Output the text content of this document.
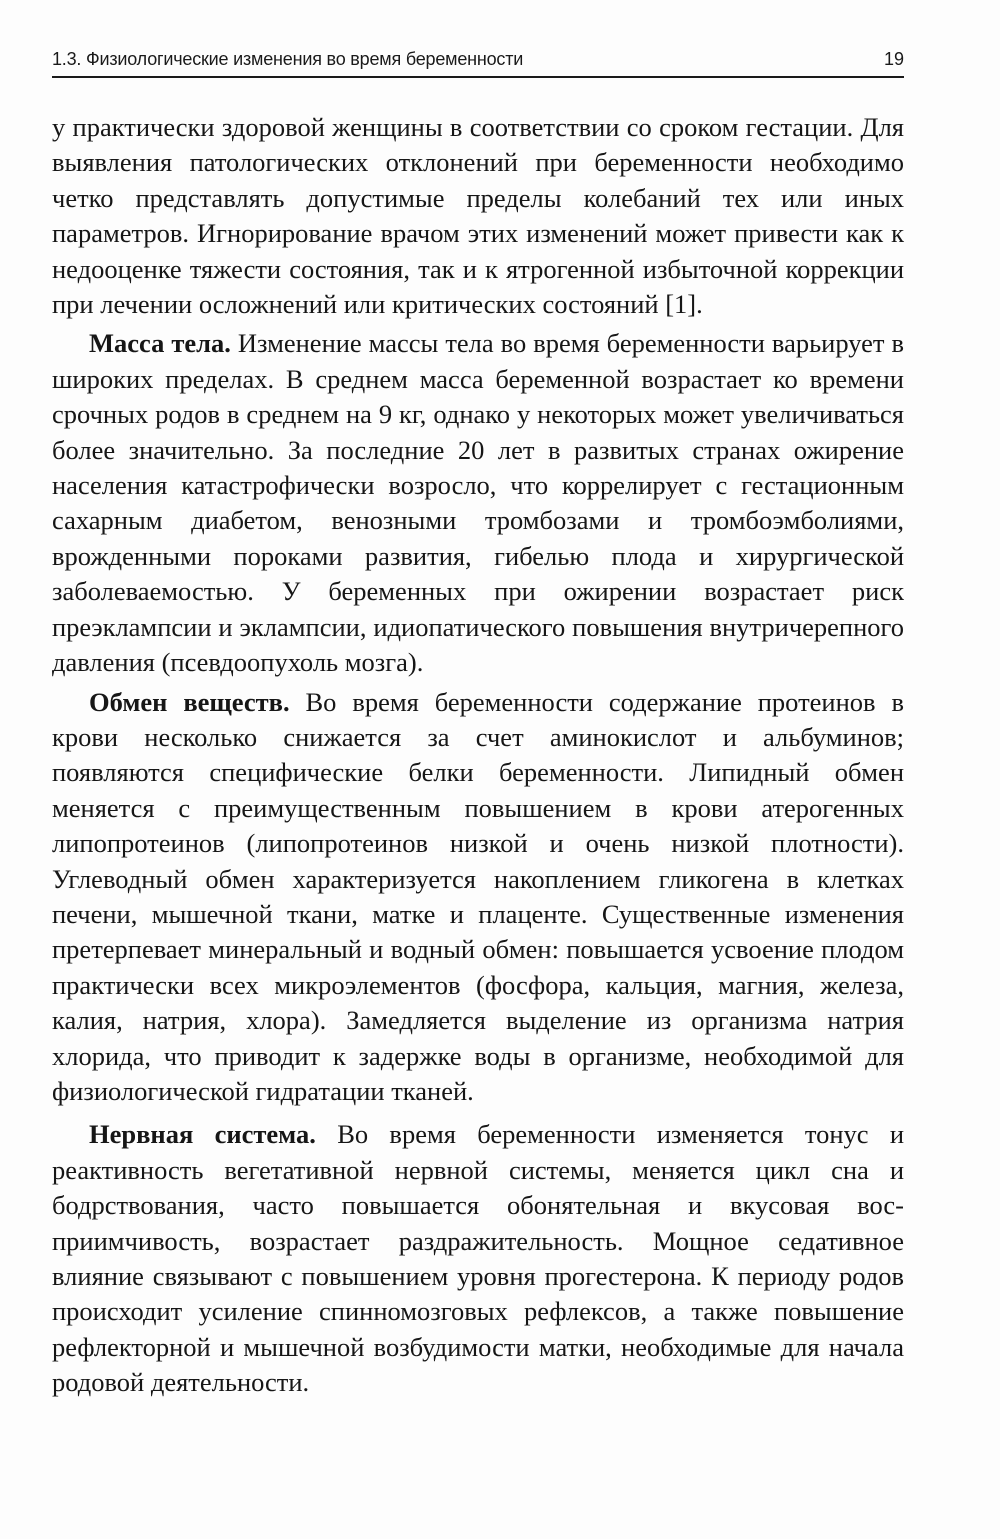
1.3. Физиологические изменения во время беременности	19

у практически здоровой женщины в соответствии со сроком гестации. Для выявления патологических отклонений при беременности необходимо четко представлять допустимые пределы колебаний тех или иных параметров. Игнорирование врачом этих изменений может привести как к недооценке тяжести состояния, так и к ятрогенной избыточной коррекции при лечении осложнений или критических состояний [1].

Масса тела. Изменение массы тела во время беременности варьирует в широких пределах. В среднем масса беременной возрастает ко времени срочных родов в среднем на 9 кг, однако у некоторых может увеличиваться более значительно. За последние 20 лет в развитых странах ожирение населения катастрофически возросло, что коррелирует с гестационным сахарным диабетом, венозными тромбозами и тромбоэмболиями, врожденными пороками развития, гибелью плода и хирургической заболеваемостью. У беременных при ожирении возрастает риск преэклампсии и эклампсии, идиопатического повышения внутричерепного давления (псевдоопухоль мозга).

Обмен веществ. Во время беременности содержание протеинов в крови несколько снижается за счет аминокислот и альбуминов; появляются специфические белки беременности. Липидный обмен меняется с преимущественным повышением в крови атерогенных липопротеинов (липопротеинов низкой и очень низкой плотности). Углеводный обмен характеризуется накоплением гликогена в клетках печени, мышечной ткани, матке и плаценте. Существенные изменения претерпевает минеральный и водный обмен: повышается усвоение плодом практически всех микроэлементов (фосфора, кальция, магния, железа, калия, натрия, хлора). Замедляется выделение из организма натрия хлорида, что приводит к задержке воды в организме, необходимой для физиологической гидратации тканей.

Нервная система. Во время беременности изменяется тонус и реактивность вегетативной нервной системы, меняется цикл сна и бодрствования, часто повышается обонятельная и вкусовая восприимчивость, возрастает раздражительность. Мощное седативное влияние связывают с повышением уровня прогестерона. К периоду родов происходит усиление спинномозговых рефлексов, а также повышение рефлекторной и мышечной возбудимости матки, необходимые для начала родовой деятельности.
